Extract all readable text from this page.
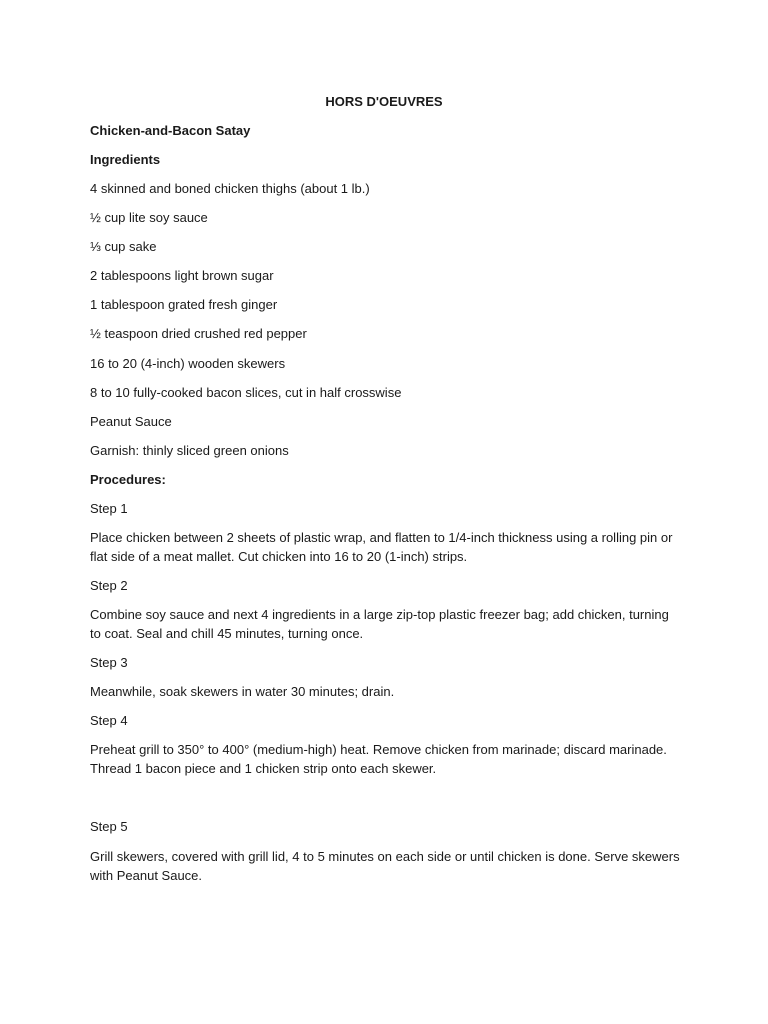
HORS D'OEUVRES

Chicken-and-Bacon Satay

Ingredients

4 skinned and boned chicken thighs (about 1 lb.)

½ cup lite soy sauce

⅓ cup sake

2 tablespoons light brown sugar

1 tablespoon grated fresh ginger

½ teaspoon dried crushed red pepper

16 to 20 (4-inch) wooden skewers

8 to 10 fully-cooked bacon slices, cut in half crosswise

Peanut Sauce

Garnish: thinly sliced green onions

Procedures:

Step 1

Place chicken between 2 sheets of plastic wrap, and flatten to 1/4-inch thickness using a rolling pin or flat side of a meat mallet. Cut chicken into 16 to 20 (1-inch) strips.

Step 2

Combine soy sauce and next 4 ingredients in a large zip-top plastic freezer bag; add chicken, turning to coat. Seal and chill 45 minutes, turning once.

Step 3

Meanwhile, soak skewers in water 30 minutes; drain.

Step 4

Preheat grill to 350° to 400° (medium-high) heat. Remove chicken from marinade; discard marinade. Thread 1 bacon piece and 1 chicken strip onto each skewer.

Step 5

Grill skewers, covered with grill lid, 4 to 5 minutes on each side or until chicken is done. Serve skewers with Peanut Sauce.
